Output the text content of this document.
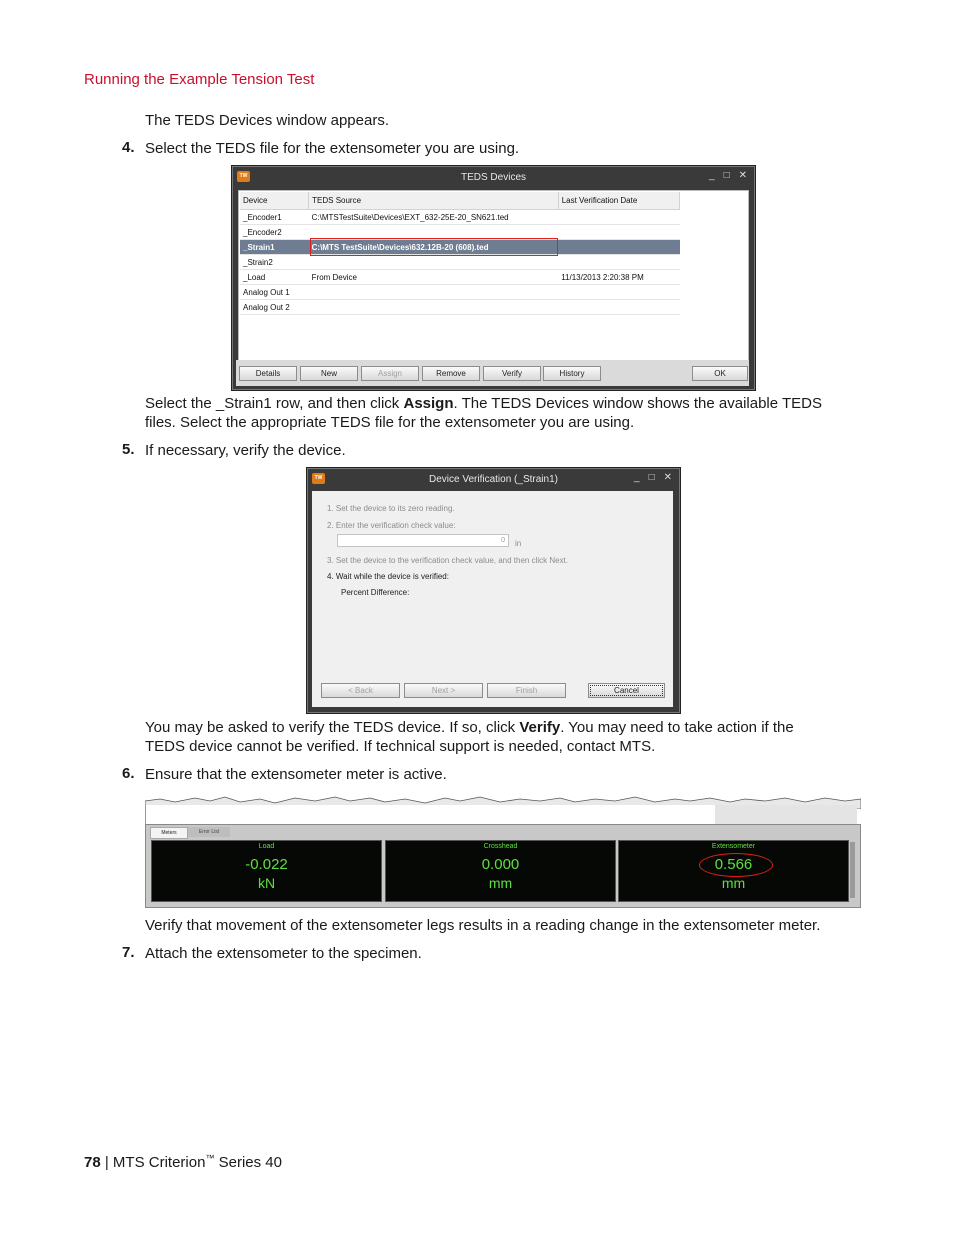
Running the Example Tension Test
The TEDS Devices window appears.
4. Select the TEDS file for the extensometer you are using.
TW	TEDS Devices	_ □ ✕
Device	TEDS Source	Last Verification Date
_Encoder1	C:\MTSTestSuite\Devices\EXT_632-25E-20_SN621.ted	
_Encoder2		
_Strain1	C:\MTS TestSuite\Devices\632.12B-20 (608).ted	
_Strain2		
_Load	From Device	11/13/2013 2:20:38 PM
Analog Out 1		
Analog Out 2		
Details	New	Assign	Remove	Verify	History	OK
Select the _Strain1 row, and then click Assign. The TEDS Devices window shows the available TEDS
files. Select the appropriate TEDS file for the extensometer you are using.
5. If necessary, verify the device.
TW	Device Verification (_Strain1)	_ □ ✕
1. Set the device to its zero reading.
2. Enter the verification check value:
0	in
3. Set the device to the verification check value, and then click Next.
4. Wait while the device is verified:
Percent Difference:
< Back	Next >	Finish	Cancel
You may be asked to verify the TEDS device. If so, click Verify. You may need to take action if the
TEDS device cannot be verified. If technical support is needed, contact MTS.
6. Ensure that the extensometer meter is active.
Meters	Error List
Load
-0.022
kN
Crosshead
0.000
mm
Extensometer
0.566
mm
Verify that movement of the extensometer legs results in a reading change in the extensometer meter.
7. Attach the extensometer to the specimen.
78 | MTS Criterion™ Series 40
